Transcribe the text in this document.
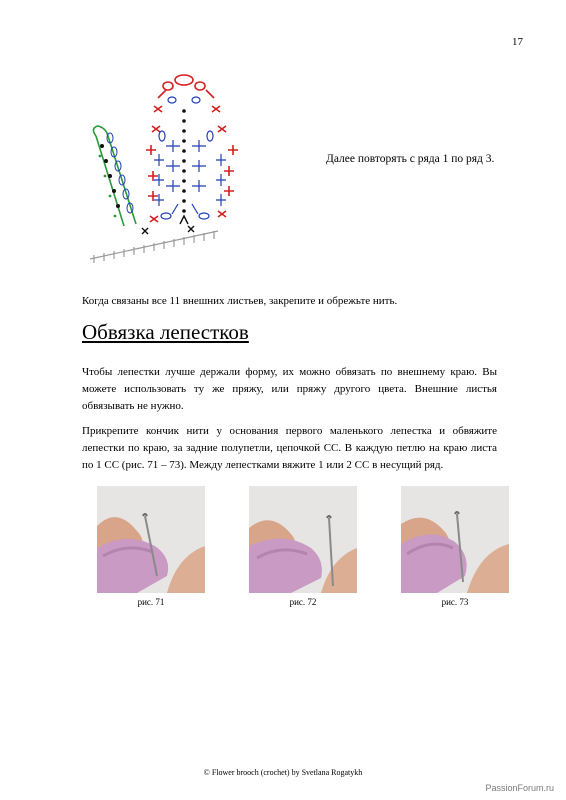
17
Далее повторять с ряда 1 по ряд 3.
Когда связаны все 11 внешних листьев, закрепите и обрежьте нить.
Обвязка лепестков
Чтобы лепестки лучше держали форму, их можно обвязать по внешнему краю. Вы можете использовать ту же пряжу, или пряжу другого цвета. Внешние листья обвязывать не нужно.
Прикрепите кончик нити у основания первого маленького лепестка и обвяжите лепестки по краю, за задние полупетли, цепочкой СС. В каждую петлю на краю листа по 1 СС (рис. 71 – 73). Между лепестками вяжите 1 или 2 СС в несущий ряд.
рис. 71	рис. 72	рис. 73
© Flower brooch (crochet) by Svetlana Rogatykh
PassionForum.ru
